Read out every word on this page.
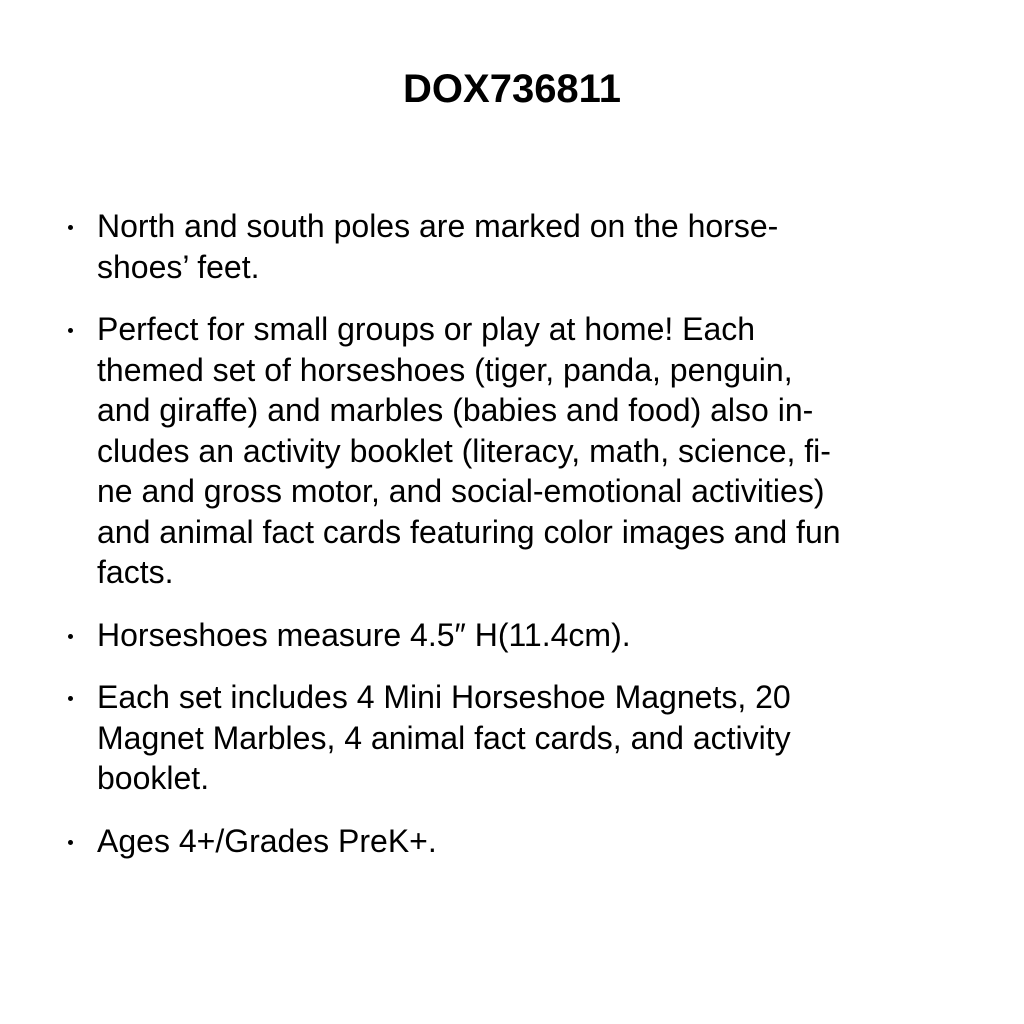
DOX736811
North and south poles are marked on the horse-
shoes’ feet.
Perfect for small groups or play at home! Each
themed set of horseshoes (tiger, panda, penguin,
and giraffe) and marbles (babies and food) also in-
cludes an activity booklet (literacy, math, science, fi-
ne and gross motor, and social-emotional activities)
and animal fact cards featuring color images and fun
facts.
Horseshoes measure 4.5″ H(11.4cm).
Each set includes 4 Mini Horseshoe Magnets, 20
Magnet Marbles, 4 animal fact cards, and activity
booklet.
Ages 4+/Grades PreK+.
